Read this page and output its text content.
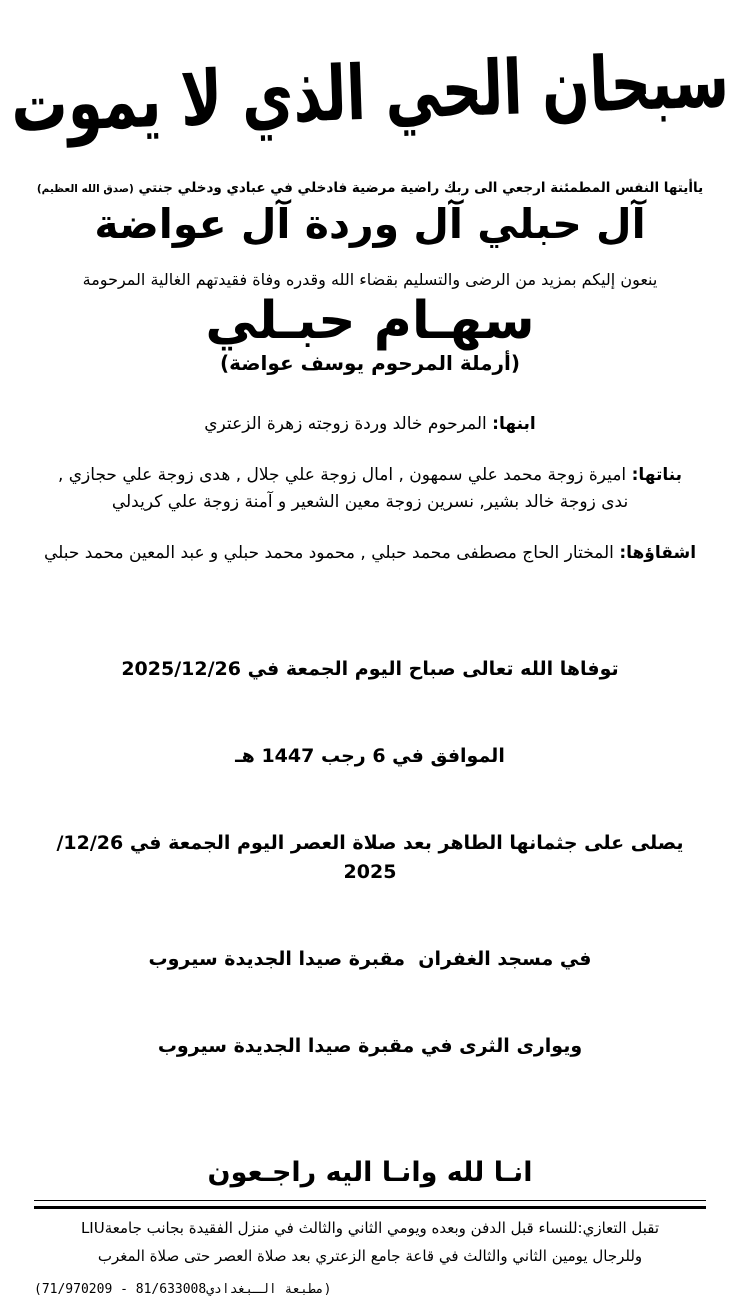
سبحان الحي الذي لا يموت
ياأيتها النفس المطمئنة ارجعي الى ربك راضية مرضية فادخلي في عبادي ودخلي جنتي (صدق الله العظيم)
آل حبلي آل وردة آل عواضة
ينعون إليكم بمزيد من الرضى والتسليم بقضاء الله وقدره وفاة فقيدتهم الغالية المرحومة
سهـام حبـلي
(أرملة المرحوم يوسف عواضة)

ابنها: المرحوم خالد وردة زوجته زهرة الزعتري

بناتها: اميرة زوجة محمد علي سمهون , امال زوجة علي جلال , هدى زوجة علي حجازي ,
ندى زوجة خالد بشير, نسرين زوجة معين الشعير و آمنة زوجة علي كريدلي

اشقاؤها: المختار الحاج مصطفى محمد حبلي , محمود محمد حبلي و عبد المعين محمد حبلي

توفاها الله تعالى صباح اليوم الجمعة في 2025/12/26

الموافق في 6 رجب 1447 هـ

يصلى على جثمانها الطاهر بعد صلاة العصر اليوم الجمعة في 12/26/ 2025

في مسجد الغفران  مقبرة صيدا الجديدة سيروب

ويوارى الثرى في مقبرة صيدا الجديدة سيروب

انـا لله وانـا اليه راجـعون
تقبل التعازي:للنساء قبل الدفن وبعده ويومي الثاني والثالث في منزل الفقيدة بجانب جامعةLIU
وللرجال يومين الثاني والثالث في قاعة جامع الزعتري بعد صلاة العصر حتى صلاة المغرب
(مطبعة الـبغدادي81/633008 - 71/970209)
